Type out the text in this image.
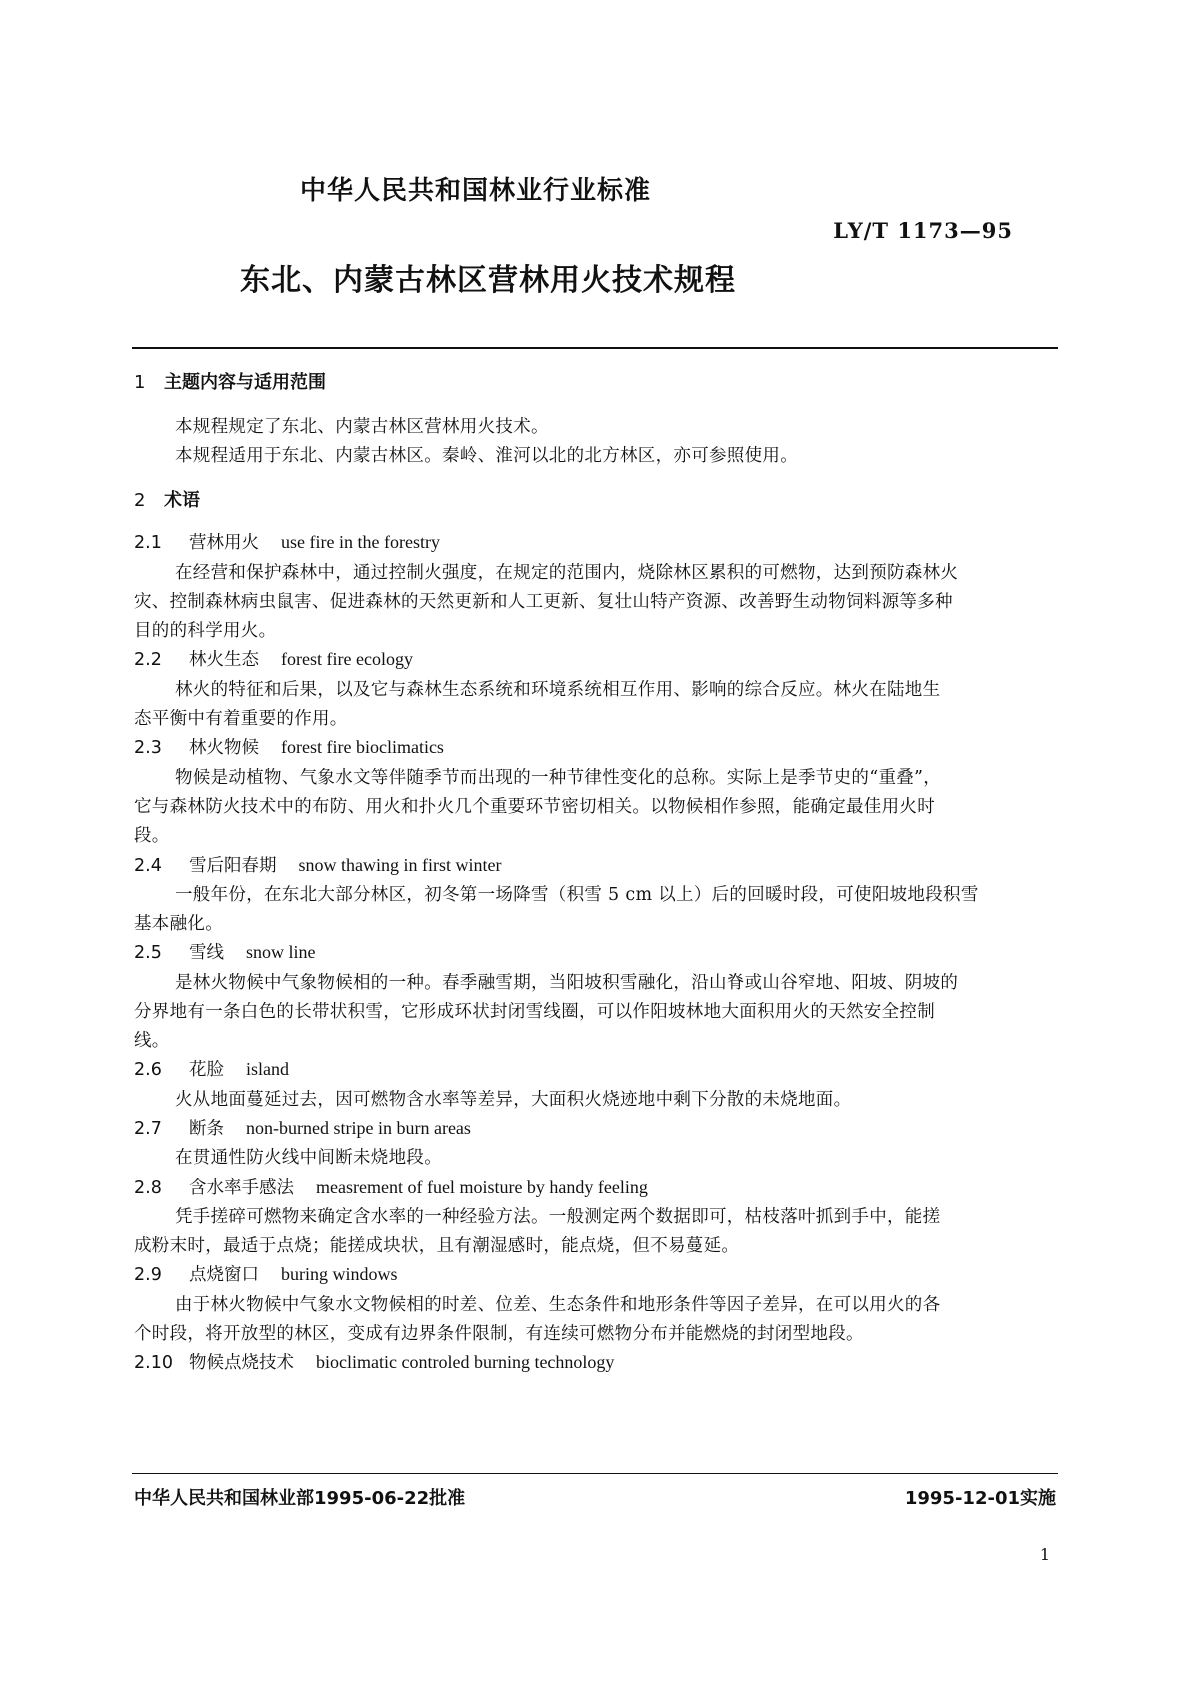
中华人民共和国林业行业标准
LY/T 1173—95
东北、内蒙古林区营林用火技术规程
1 主题内容与适用范围
本规程规定了东北、内蒙古林区营林用火技术。
本规程适用于东北、内蒙古林区。秦岭、淮河以北的北方林区，亦可参照使用。
2 术语
2.1 营林用火 use fire in the forestry
在经营和保护森林中，通过控制火强度，在规定的范围内，烧除林区累积的可燃物，达到预防森林火
灾、控制森林病虫鼠害、促进森林的天然更新和人工更新、复壮山特产资源、改善野生动物饲料源等多种
目的的科学用火。
2.2 林火生态 forest fire ecology
林火的特征和后果，以及它与森林生态系统和环境系统相互作用、影响的综合反应。林火在陆地生
态平衡中有着重要的作用。
2.3 林火物候 forest fire bioclimatics
物候是动植物、气象水文等伴随季节而出现的一种节律性变化的总称。实际上是季节史的“重叠”，
它与森林防火技术中的布防、用火和扑火几个重要环节密切相关。以物候相作参照，能确定最佳用火时
段。
2.4 雪后阳春期 snow thawing in first winter
一般年份，在东北大部分林区，初冬第一场降雪（积雪 5 cm 以上）后的回暖时段，可使阳坡地段积雪
基本融化。
2.5 雪线 snow line
是林火物候中气象物候相的一种。春季融雪期，当阳坡积雪融化，沿山脊或山谷窄地、阳坡、阴坡的
分界地有一条白色的长带状积雪，它形成环状封闭雪线圈，可以作阳坡林地大面积用火的天然安全控制
线。
2.6 花脸 island
火从地面蔓延过去，因可燃物含水率等差异，大面积火烧迹地中剩下分散的未烧地面。
2.7 断条 non-burned stripe in burn areas
在贯通性防火线中间断未烧地段。
2.8 含水率手感法 measrement of fuel moisture by handy feeling
凭手搓碎可燃物来确定含水率的一种经验方法。一般测定两个数据即可，枯枝落叶抓到手中，能搓
成粉末时，最适于点烧；能搓成块状，且有潮湿感时，能点烧，但不易蔓延。
2.9 点烧窗口 buring windows
由于林火物候中气象水文物候相的时差、位差、生态条件和地形条件等因子差异，在可以用火的各
个时段，将开放型的林区，变成有边界条件限制，有连续可燃物分布并能燃烧的封闭型地段。
2.10 物候点烧技术 bioclimatic controled burning technology
中华人民共和国林业部1995-06-22批准	1995-12-01实施
1
